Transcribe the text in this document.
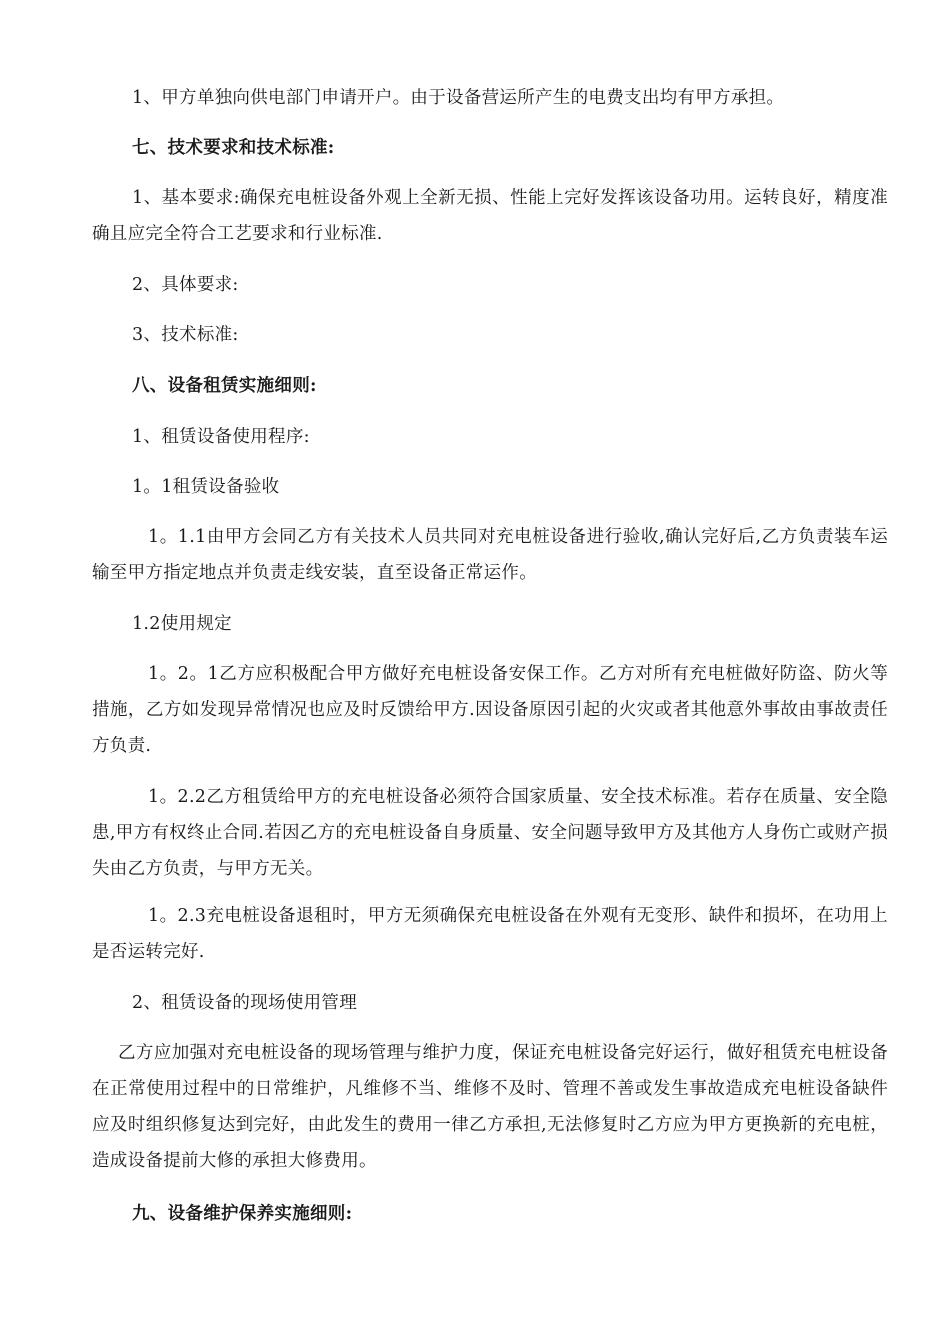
1、甲方单独向供电部门申请开户。由于设备营运所产生的电费支出均有甲方承担。

七、技术要求和技术标准:

1、基本要求:确保充电桩设备外观上全新无损、性能上完好发挥该设备功用。运转良好，精度准确且应完全符合工艺要求和行业标准.

2、具体要求:

3、技术标准:

八、设备租赁实施细则:

1、租赁设备使用程序:

1。1租赁设备验收

1。1.1由甲方会同乙方有关技术人员共同对充电桩设备进行验收,确认完好后,乙方负责装车运输至甲方指定地点并负责走线安装，直至设备正常运作。

1.2使用规定

1。2。1乙方应积极配合甲方做好充电桩设备安保工作。乙方对所有充电桩做好防盗、防火等措施，乙方如发现异常情况也应及时反馈给甲方.因设备原因引起的火灾或者其他意外事故由事故责任方负责.

1。2.2乙方租赁给甲方的充电桩设备必须符合国家质量、安全技术标准。若存在质量、安全隐患,甲方有权终止合同.若因乙方的充电桩设备自身质量、安全问题导致甲方及其他方人身伤亡或财产损失由乙方负责，与甲方无关。

1。2.3充电桩设备退租时，甲方无须确保充电桩设备在外观有无变形、缺件和损坏，在功用上是否运转完好.

2、租赁设备的现场使用管理

乙方应加强对充电桩设备的现场管理与维护力度，保证充电桩设备完好运行，做好租赁充电桩设备在正常使用过程中的日常维护，凡维修不当、维修不及时、管理不善或发生事故造成充电桩设备缺件应及时组织修复达到完好，由此发生的费用一律乙方承担,无法修复时乙方应为甲方更换新的充电桩，造成设备提前大修的承担大修费用。

九、设备维护保养实施细则:
